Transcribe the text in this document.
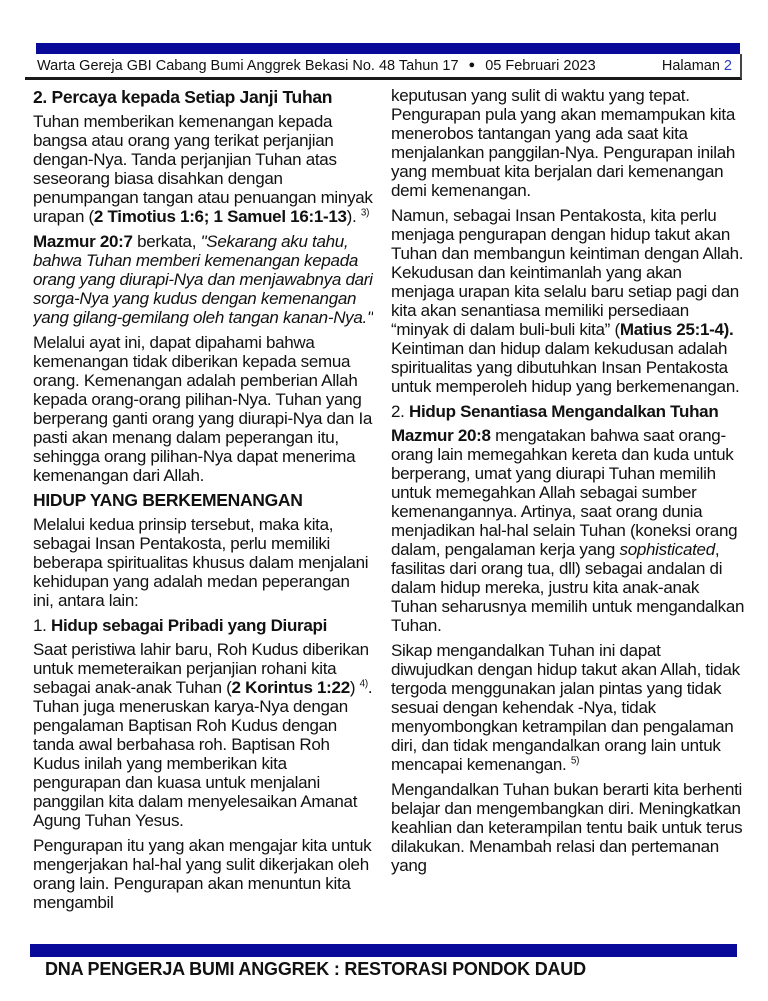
Warta Gereja GBI Cabang Bumi Anggrek Bekasi No. 48 Tahun 17 ● 05 Februari 2023	Halaman 2
2. Percaya kepada Setiap Janji Tuhan
Tuhan memberikan kemenangan kepada bangsa atau orang yang terikat perjanjian dengan-Nya. Tanda perjanjian Tuhan atas seseorang biasa disahkan dengan penumpangan tangan atau penuangan minyak urapan (2 Timotius 1:6; 1 Samuel 16:1-13). $^{3)}$
Mazmur 20:7 berkata, "Sekarang aku tahu, bahwa Tuhan memberi kemenangan kepada orang yang diurapi-Nya dan menjawabnya dari sorga-Nya yang kudus dengan kemenangan yang gilang-gemilang oleh tangan kanan-Nya."
Melalui ayat ini, dapat dipahami bahwa kemenangan tidak diberikan kepada semua orang. Kemenangan adalah pemberian Allah kepada orang-orang pilihan-Nya. Tuhan yang berperang ganti orang yang diurapi-Nya dan Ia pasti akan menang dalam peperangan itu, sehingga orang pilihan-Nya dapat menerima kemenangan dari Allah.
HIDUP YANG BERKEMENANGAN
Melalui kedua prinsip tersebut, maka kita, sebagai Insan Pentakosta, perlu memiliki beberapa spiritualitas khusus dalam menjalani kehidupan yang adalah medan peperangan ini, antara lain:
1. Hidup sebagai Pribadi yang Diurapi
Saat peristiwa lahir baru, Roh Kudus diberikan untuk memeteraikan perjanjian rohani kita sebagai anak-anak Tuhan (2 Korintus 1:22) $^{4)}$. Tuhan juga meneruskan karya-Nya dengan pengalaman Baptisan Roh Kudus dengan tanda awal berbahasa roh. Baptisan Roh Kudus inilah yang memberikan kita pengurapan dan kuasa untuk menjalani panggilan kita dalam menyelesaikan Amanat Agung Tuhan Yesus.
Pengurapan itu yang akan mengajar kita untuk mengerjakan hal-hal yang sulit dikerjakan oleh orang lain. Pengurapan akan menuntun kita mengambil
keputusan yang sulit di waktu yang tepat. Pengurapan pula yang akan memampukan kita menerobos tantangan yang ada saat kita menjalankan panggilan-Nya. Pengurapan inilah yang membuat kita berjalan dari kemenangan demi kemenangan.
Namun, sebagai Insan Pentakosta, kita perlu menjaga pengurapan dengan hidup takut akan Tuhan dan membangun keintiman dengan Allah. Kekudusan dan keintimanlah yang akan menjaga urapan kita selalu baru setiap pagi dan kita akan senantiasa memiliki persediaan “minyak di dalam buli-buli kita” (Matius 25:1-4). Keintiman dan hidup dalam kekudusan adalah spiritualitas yang dibutuhkan Insan Pentakosta untuk memperoleh hidup yang berkemenangan.
2. Hidup Senantiasa Mengandalkan Tuhan
Mazmur 20:8 mengatakan bahwa saat orang-orang lain memegahkan kereta dan kuda untuk berperang, umat yang diurapi Tuhan memilih untuk memegahkan Allah sebagai sumber kemenangannya. Artinya, saat orang dunia menjadikan hal-hal selain Tuhan (koneksi orang dalam, pengalaman kerja yang sophisticated, fasilitas dari orang tua, dll) sebagai andalan di dalam hidup mereka, justru kita anak-anak Tuhan seharusnya memilih untuk mengandalkan Tuhan.
Sikap mengandalkan Tuhan ini dapat diwujudkan dengan hidup takut akan Allah, tidak tergoda menggunakan jalan pintas yang tidak sesuai dengan kehendak -Nya, tidak menyombongkan ketrampilan dan pengalaman diri, dan tidak mengandalkan orang lain untuk mencapai kemenangan. $^{5)}$
Mengandalkan Tuhan bukan berarti kita berhenti belajar dan mengembangkan diri. Meningkatkan keahlian dan keterampilan tentu baik untuk terus dilakukan. Menambah relasi dan pertemanan yang
DNA PENGERJA BUMI ANGGREK : RESTORASI PONDOK DAUD
